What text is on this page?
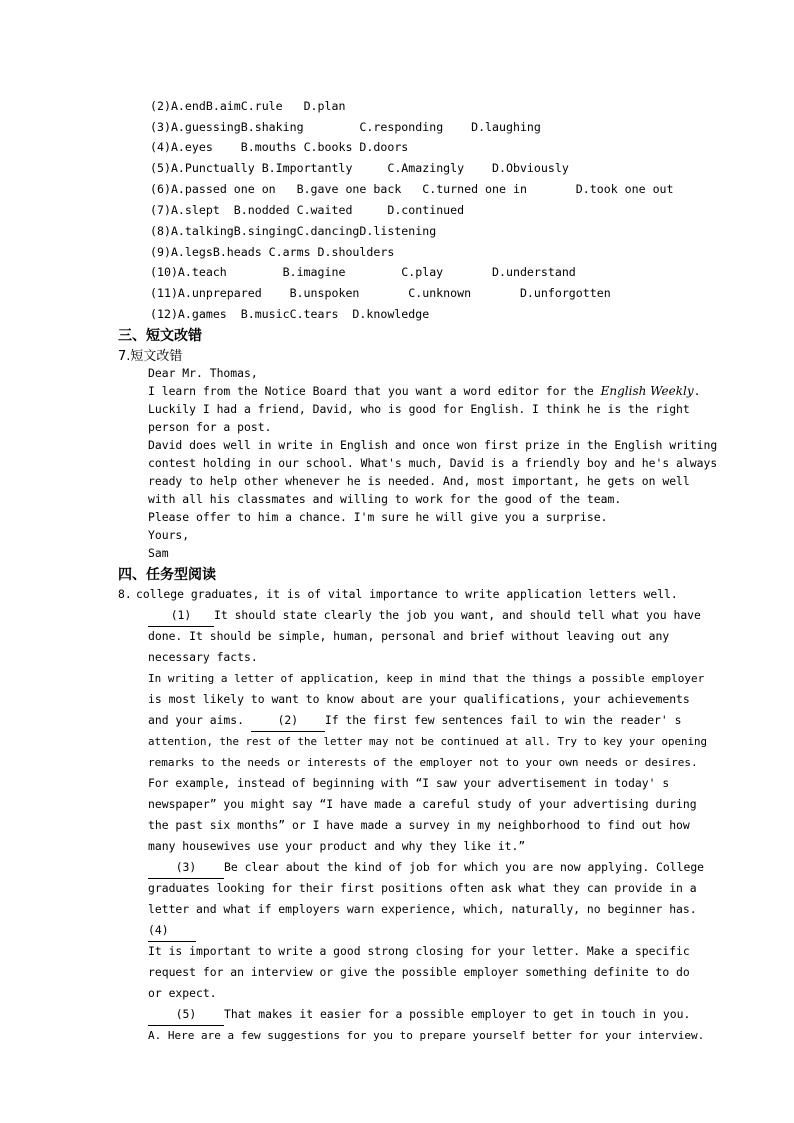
(2)A.endB.aimC.rule   D.plan
(3)A.guessingB.shaking        C.responding    D.laughing
(4)A.eyes    B.mouths C.books D.doors
(5)A.Punctually B.Importantly     C.Amazingly    D.Obviously
(6)A.passed one on   B.gave one back   C.turned one in       D.took one out
(7)A.slept  B.nodded C.waited     D.continued
(8)A.talkingB.singingC.dancingD.listening
(9)A.legsB.heads C.arms D.shoulders
(10)A.teach        B.imagine        C.play       D.understand
(11)A.unprepared    B.unspoken       C.unknown       D.unforgotten
(12)A.games  B.musicC.tears  D.knowledge
三、短文改错
7.短文改错
Dear Mr. Thomas,
I learn from the Notice Board that you want a word editor for the English Weekly.
Luckily I had a friend, David, who is good for English. I think he is the right
person for a post.
David does well in write in English and once won first prize in the English writing
contest holding in our school. What's much, David is a friendly boy and he's always
ready to help other whenever he is needed. And, most important, he gets on well
with all his classmates and willing to work for the good of the team.
Please offer to him a chance. I'm sure he will give you a surprise.
Yours,
Sam
四、任务型阅读
8. college graduates, it is of vital importance to write application letters well.
(1) It should state clearly the job you want, and should tell what you have
done. It should be simple, human, personal and brief without leaving out any
necessary facts.
In writing a letter of application, keep in mind that the things a possible employer
is most likely to want to know about are your qualifications, your achievements
and your aims. (2) If the first few sentences fail to win the reader' s
attention, the rest of the letter may not be continued at all. Try to key your opening
remarks to the needs or interests of the employer not to your own needs or desires.
For example, instead of beginning with “I saw your advertisement in today' s
newspaper” you might say “I have made a careful study of your advertising during
the past six months” or I have made a survey in my neighborhood to find out how
many housewives use your product and why they like it.”
(3) Be clear about the kind of job for which you are now applying. College
graduates looking for their first positions often ask what they can provide in a
letter and what if employers warn experience, which, naturally, no beginner has.
(4)
It is important to write a good strong closing for your letter. Make a specific
request for an interview or give the possible employer something definite to do
or expect.
(5) That makes it easier for a possible employer to get in touch in you.
A. Here are a few suggestions for you to prepare yourself better for your interview.
